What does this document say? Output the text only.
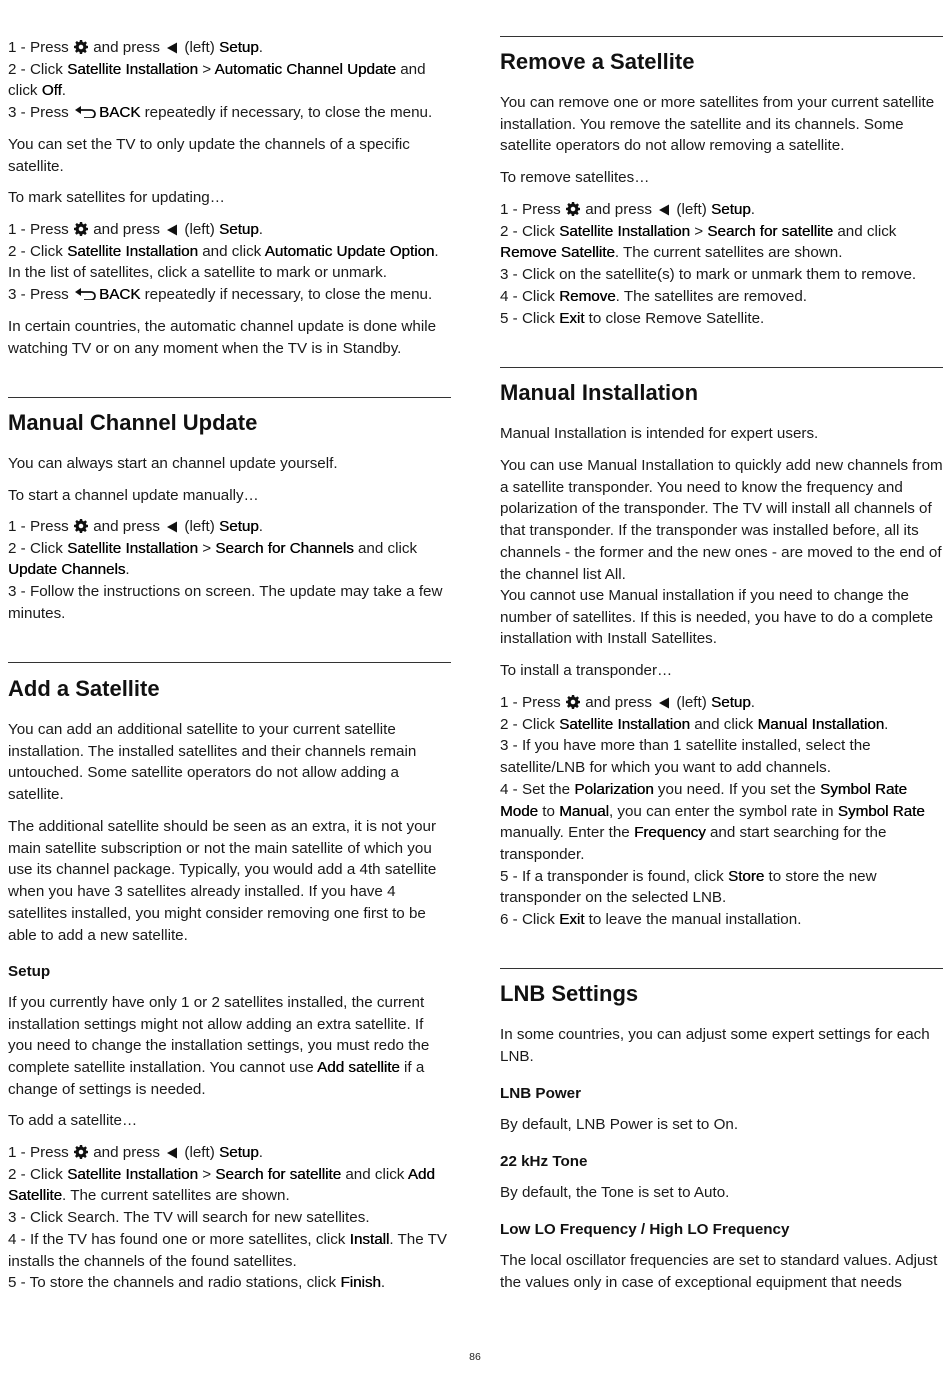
1 - Press and press (left) Setup.
2 - Click Satellite Installation > Automatic Channel Update and click Off.
3 - Press BACK repeatedly if necessary, to close the menu.

You can set the TV to only update the channels of a specific satellite.

To mark satellites for updating…

1 - Press and press (left) Setup.
2 - Click Satellite Installation and click Automatic Update Option. In the list of satellites, click a satellite to mark or unmark.
3 - Press BACK repeatedly if necessary, to close the menu.

In certain countries, the automatic channel update is done while watching TV or on any moment when the TV is in Standby.

Manual Channel Update

You can always start an channel update yourself.

To start a channel update manually…

1 - Press and press (left) Setup.
2 - Click Satellite Installation > Search for Channels and click Update Channels.
3 - Follow the instructions on screen. The update may take a few minutes.
Add a Satellite

You can add an additional satellite to your current satellite installation. The installed satellites and their channels remain untouched. Some satellite operators do not allow adding a satellite.

The additional satellite should be seen as an extra, it is not your main satellite subscription or not the main satellite of which you use its channel package. Typically, you would add a 4th satellite when you have 3 satellites already installed. If you have 4 satellites installed, you might consider removing one first to be able to add a new satellite.

Setup

If you currently have only 1 or 2 satellites installed, the current installation settings might not allow adding an extra satellite. If you need to change the installation settings, you must redo the complete satellite installation. You cannot use Add satellite if a change of settings is needed.

To add a satellite…

1 - Press and press (left) Setup.
2 - Click Satellite Installation > Search for satellite and click Add Satellite. The current satellites are shown.
3 - Click Search. The TV will search for new satellites.
4 - If the TV has found one or more satellites, click Install. The TV installs the channels of the found satellites.
5 - To store the channels and radio stations, click Finish.
Remove a Satellite

You can remove one or more satellites from your current satellite installation. You remove the satellite and its channels. Some satellite operators do not allow removing a satellite.

To remove satellites…

1 - Press and press (left) Setup.
2 - Click Satellite Installation > Search for satellite and click Remove Satellite. The current satellites are shown.
3 - Click on the satellite(s) to mark or unmark them to remove.
4 - Click Remove. The satellites are removed.
5 - Click Exit to close Remove Satellite.
Manual Installation

Manual Installation is intended for expert users.

You can use Manual Installation to quickly add new channels from a satellite transponder. You need to know the frequency and polarization of the transponder. The TV will install all channels of that transponder. If the transponder was installed before, all its channels - the former and the new ones - are moved to the end of the channel list All.

You cannot use Manual installation if you need to change the number of satellites. If this is needed, you have to do a complete installation with Install Satellites.

To install a transponder…

1 - Press and press (left) Setup.
2 - Click Satellite Installation and click Manual Installation.
3 - If you have more than 1 satellite installed, select the satellite/LNB for which you want to add channels.
4 - Set the Polarization you need. If you set the Symbol Rate Mode to Manual, you can enter the symbol rate in Symbol Rate manually. Enter the Frequency and start searching for the transponder.
5 - If a transponder is found, click Store to store the new transponder on the selected LNB.
6 - Click Exit to leave the manual installation.
LNB Settings

In some countries, you can adjust some expert settings for each LNB.

LNB Power

By default, LNB Power is set to On.

22 kHz Tone

By default, the Tone is set to Auto.

Low LO Frequency / High LO Frequency

The local oscillator frequencies are set to standard values. Adjust the values only in case of exceptional equipment that needs

86
